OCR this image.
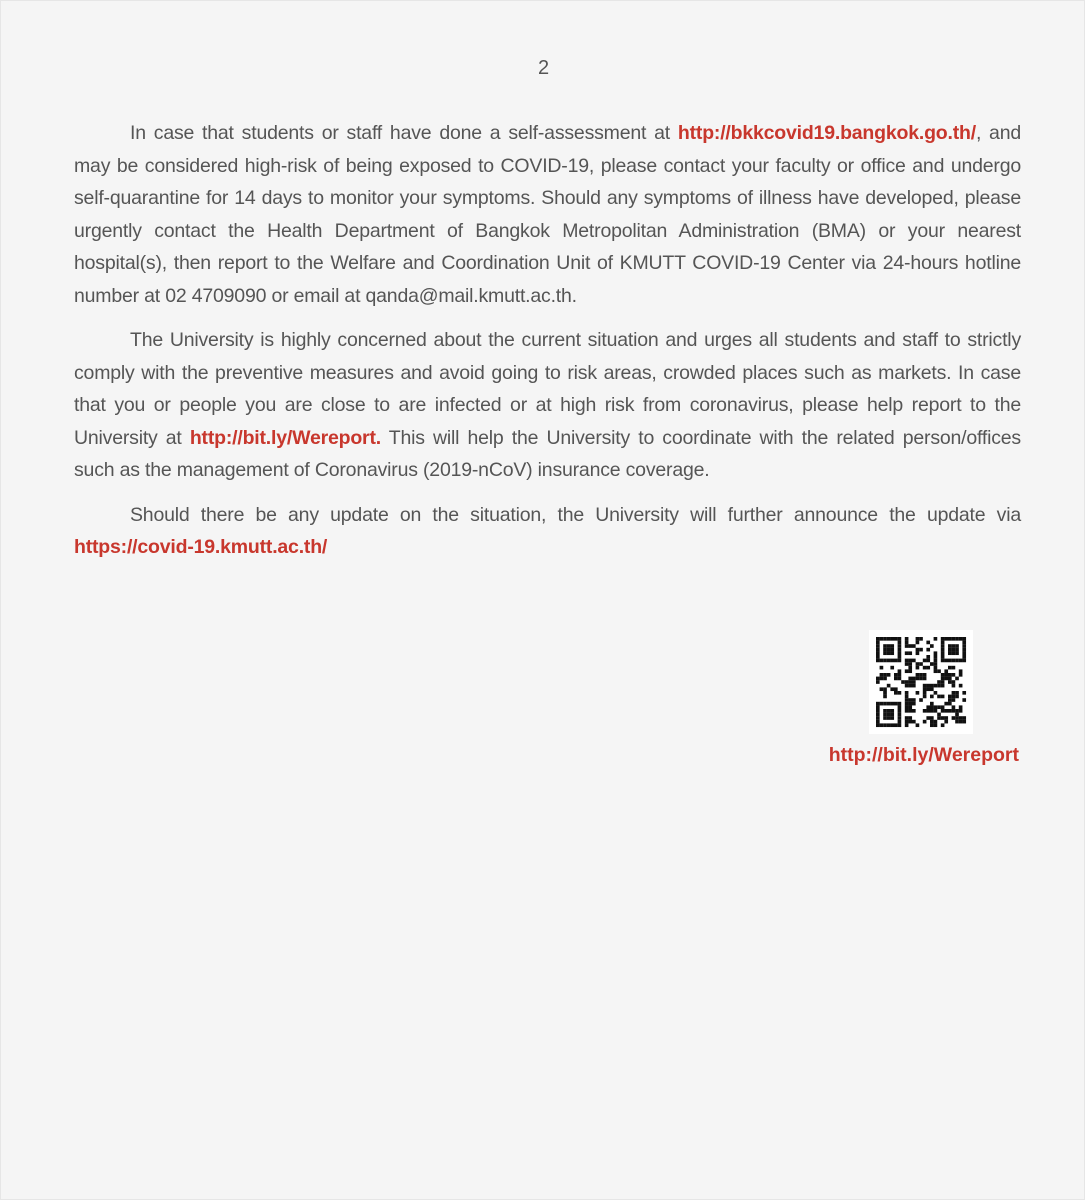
2

In case that students or staff have done a self-assessment at http://bkkcovid19.bangkok.go.th/, and may be considered high-risk of being exposed to COVID-19, please contact your faculty or office and undergo self-quarantine for 14 days to monitor your symptoms. Should any symptoms of illness have developed, please urgently contact the Health Department of Bangkok Metropolitan Administration (BMA) or your nearest hospital(s), then report to the Welfare and Coordination Unit of KMUTT COVID-19 Center via 24-hours hotline number at 02 4709090 or email at qanda@mail.kmutt.ac.th.

The University is highly concerned about the current situation and urges all students and staff to strictly comply with the preventive measures and avoid going to risk areas, crowded places such as markets. In case that you or people you are close to are infected or at high risk from coronavirus, please help report to the University at http://bit.ly/Wereport. This will help the University to coordinate with the related person/offices such as the management of Coronavirus (2019-nCoV) insurance coverage.

Should there be any update on the situation, the University will further announce the update via https://covid-19.kmutt.ac.th/

http://bit.ly/Wereport
